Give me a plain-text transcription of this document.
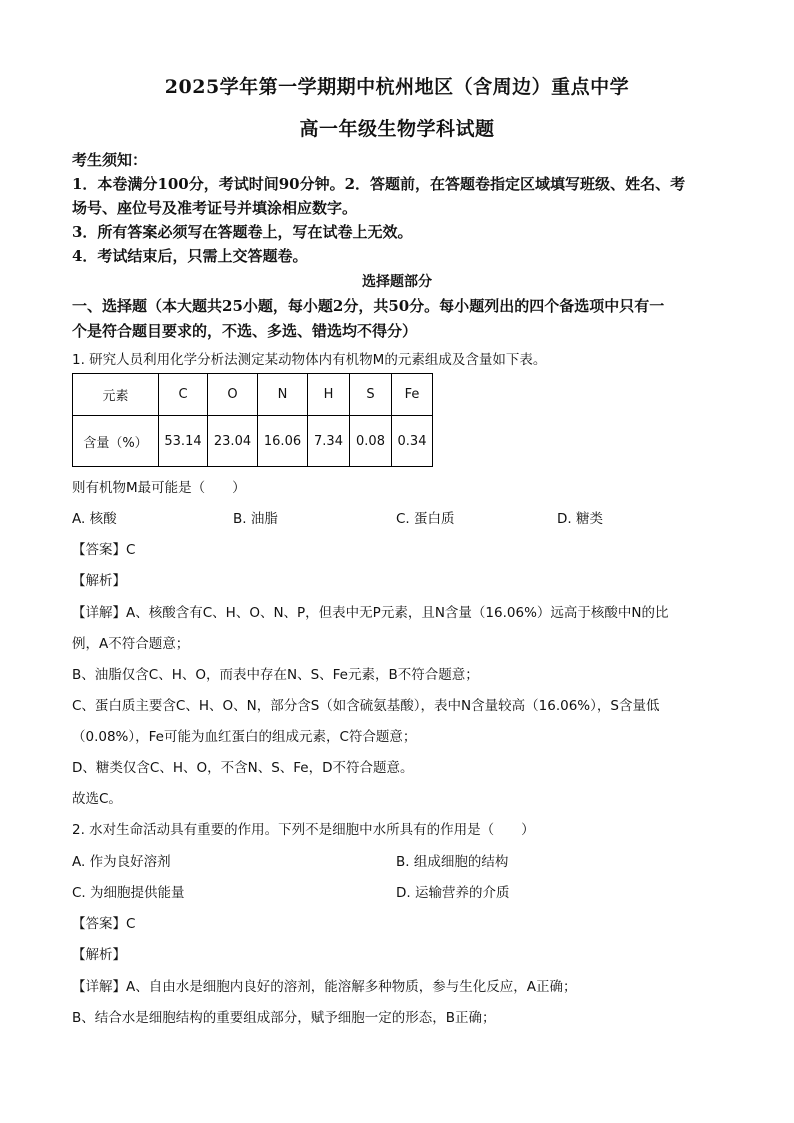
2025学年第一学期期中杭州地区（含周边）重点中学
高一年级生物学科试题
考生须知：
1．本卷满分100分，考试时间90分钟。2．答题前，在答题卷指定区域填写班级、姓名、考
场号、座位号及准考证号并填涂相应数字。
3．所有答案必须写在答题卷上，写在试卷上无效。
4．考试结束后，只需上交答题卷。
选择题部分
一、选择题（本大题共25小题，每小题2分，共50分。每小题列出的四个备选项中只有一
个是符合题目要求的，不选、多选、错选均不得分）
1. 研究人员利用化学分析法测定某动物体内有机物M的元素组成及含量如下表。
元素	C	O	N	H	S	Fe
含量（%）	53.14	23.04	16.06	7.34	0.08	0.34
则有机物M最可能是（　　）
A. 核酸	B. 油脂	C. 蛋白质	D. 糖类
【答案】C
【解析】
【详解】A、核酸含有C、H、O、N、P，但表中无P元素，且N含量（16.06%）远高于核酸中N的比
例，A不符合题意；
B、油脂仅含C、H、O，而表中存在N、S、Fe元素，B不符合题意；
C、蛋白质主要含C、H、O、N，部分含S（如含硫氨基酸），表中N含量较高（16.06%），S含量低
（0.08%），Fe可能为血红蛋白的组成元素，C符合题意；
D、糖类仅含C、H、O，不含N、S、Fe，D不符合题意。
故选C。
2. 水对生命活动具有重要的作用。下列不是细胞中水所具有的作用是（　　）
A. 作为良好溶剂	B. 组成细胞的结构
C. 为细胞提供能量	D. 运输营养的介质
【答案】C
【解析】
【详解】A、自由水是细胞内良好的溶剂，能溶解多种物质，参与生化反应，A正确；
B、结合水是细胞结构的重要组成部分，赋予细胞一定的形态，B正确；
